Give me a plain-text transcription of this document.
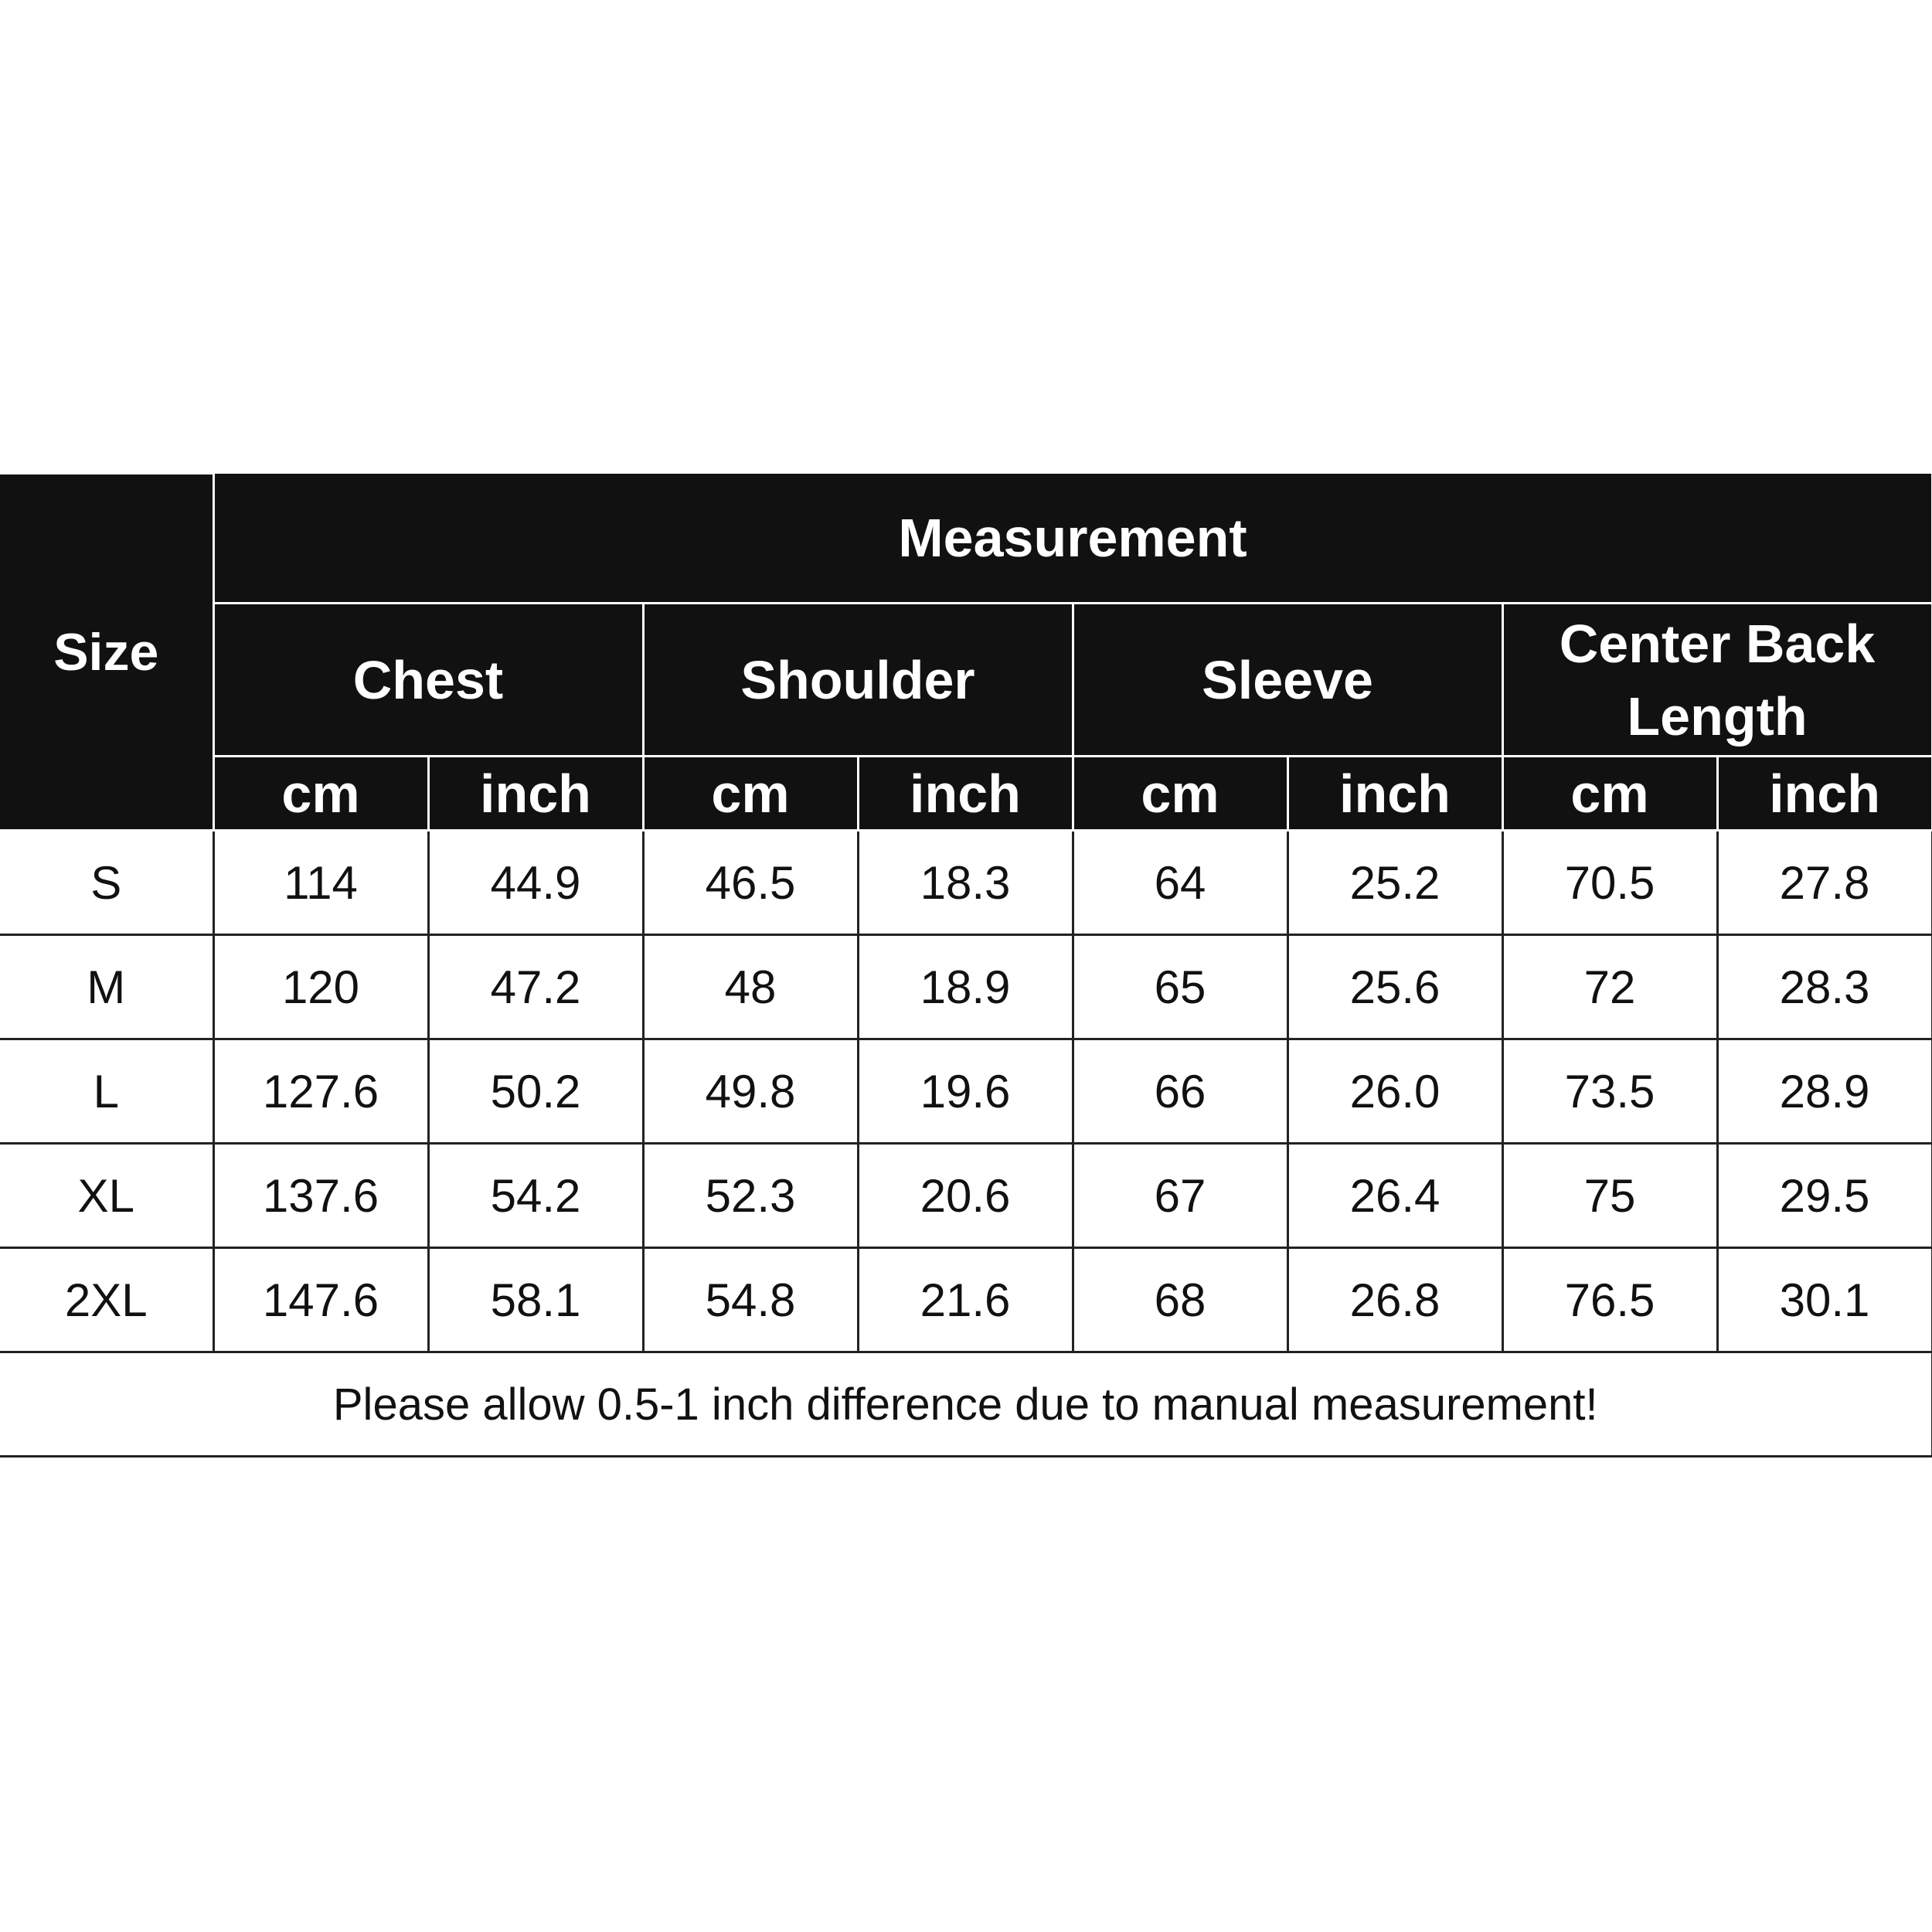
Size	Measurement							
	Chest		Shoulder		Sleeve		Center Back Length	
	cm	inch	cm	inch	cm	inch	cm	inch
S	114	44.9	46.5	18.3	64	25.2	70.5	27.8
M	120	47.2	48	18.9	65	25.6	72	28.3
L	127.6	50.2	49.8	19.6	66	26.0	73.5	28.9
XL	137.6	54.2	52.3	20.6	67	26.4	75	29.5
2XL	147.6	58.1	54.8	21.6	68	26.8	76.5	30.1
Please allow 0.5-1 inch difference due to manual measurement!								
